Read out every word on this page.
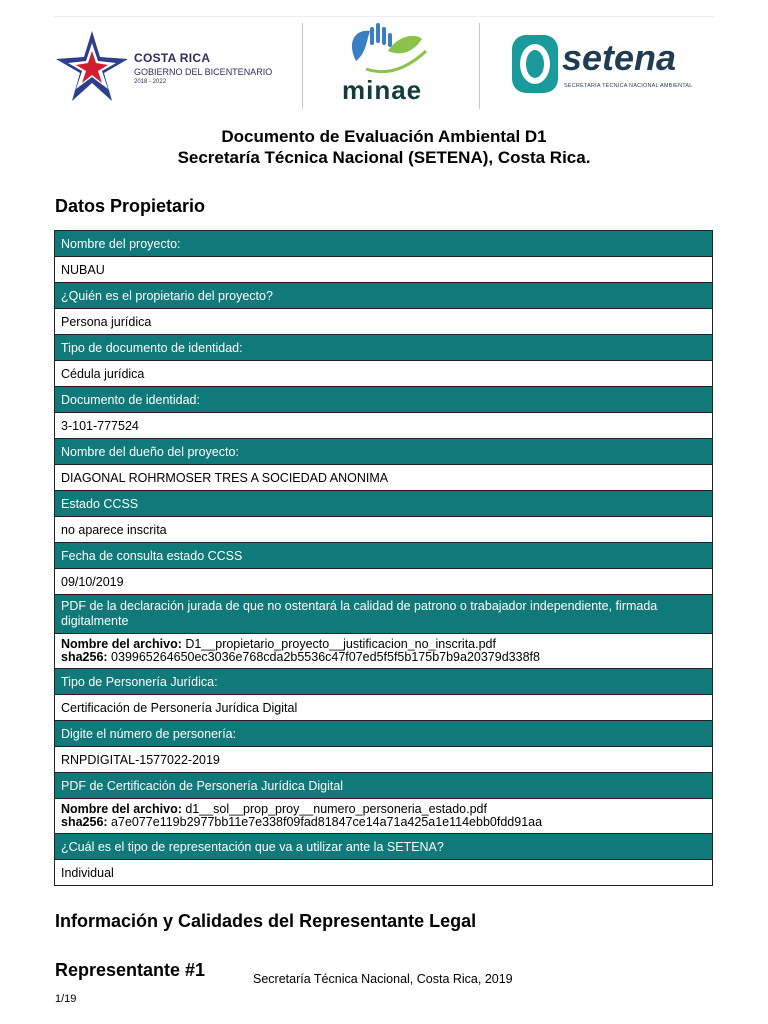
COSTA RICA
GOBIERNO DEL BICENTENARIO
2018 - 2022	minae
setena
SECRETARÍA TÉCNICA NACIONAL AMBIENTAL
Documento de Evaluación Ambiental D1
Secretaría Técnica Nacional (SETENA), Costa Rica.
Datos Propietario
Nombre del proyecto:
NUBAU
¿Quién es el propietario del proyecto?
Persona jurídica
Tipo de documento de identidad:
Cédula jurídica
Documento de identidad:
3-101-777524
Nombre del dueño del proyecto:
DIAGONAL ROHRMOSER TRES A SOCIEDAD ANONIMA
Estado CCSS
no aparece inscrita
Fecha de consulta estado CCSS
09/10/2019
PDF de la declaración jurada de que no ostentará la calidad de patrono o trabajador independiente, firmada digitalmente
Nombre del archivo: D1__propietario_proyecto__justificacion_no_inscrita.pdf
sha256: 039965264650ec3036e768cda2b5536c47f07ed5f5f5b175b7b9a20379d338f8
Tipo de Personería Jurídica:
Certificación de Personería Jurídica Digital
Digite el número de personería:
RNPDIGITAL-1577022-2019
PDF de Certificación de Personería Jurídica Digital
Nombre del archivo: d1__sol__prop_proy__numero_personeria_estado.pdf
sha256: a7e077e119b2977bb11e7e338f09fad81847ce14a71a425a1e114ebb0fdd91aa
¿Cuál es el tipo de representación que va a utilizar ante la SETENA?
Individual
Información y Calidades del Representante Legal
Representante #1	Secretaría Técnica Nacional, Costa Rica, 2019
1/19
